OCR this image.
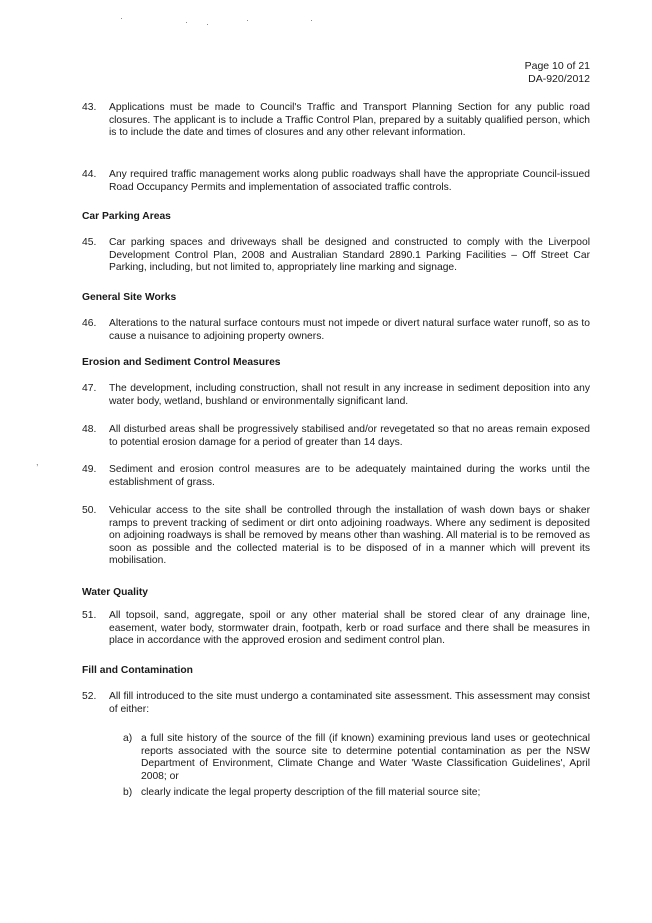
·	· ·	·	·
,
Page 10 of 21
DA-920/2012
43. Applications must be made to Council's Traffic and Transport Planning Section for any public road closures. The applicant is to include a Traffic Control Plan, prepared by a suitably qualified person, which is to include the date and times of closures and any other relevant information.
44. Any required traffic management works along public roadways shall have the appropriate Council-issued Road Occupancy Permits and implementation of associated traffic controls.
Car Parking Areas
45. Car parking spaces and driveways shall be designed and constructed to comply with the Liverpool Development Control Plan, 2008 and Australian Standard 2890.1 Parking Facilities – Off Street Car Parking, including, but not limited to, appropriately line marking and signage.
General Site Works
46. Alterations to the natural surface contours must not impede or divert natural surface water runoff, so as to cause a nuisance to adjoining property owners.
Erosion and Sediment Control Measures
47. The development, including construction, shall not result in any increase in sediment deposition into any water body, wetland, bushland or environmentally significant land.
48. All disturbed areas shall be progressively stabilised and/or revegetated so that no areas remain exposed to potential erosion damage for a period of greater than 14 days.
49. Sediment and erosion control measures are to be adequately maintained during the works until the establishment of grass.
50. Vehicular access to the site shall be controlled through the installation of wash down bays or shaker ramps to prevent tracking of sediment or dirt onto adjoining roadways. Where any sediment is deposited on adjoining roadways is shall be removed by means other than washing. All material is to be removed as soon as possible and the collected material is to be disposed of in a manner which will prevent its mobilisation.
Water Quality
51. All topsoil, sand, aggregate, spoil or any other material shall be stored clear of any drainage line, easement, water body, stormwater drain, footpath, kerb or road surface and there shall be measures in place in accordance with the approved erosion and sediment control plan.
Fill and Contamination
52. All fill introduced to the site must undergo a contaminated site assessment. This assessment may consist of either:
a) a full site history of the source of the fill (if known) examining previous land uses or geotechnical reports associated with the source site to determine potential contamination as per the NSW Department of Environment, Climate Change and Water 'Waste Classification Guidelines', April 2008; or
b) clearly indicate the legal property description of the fill material source site;
